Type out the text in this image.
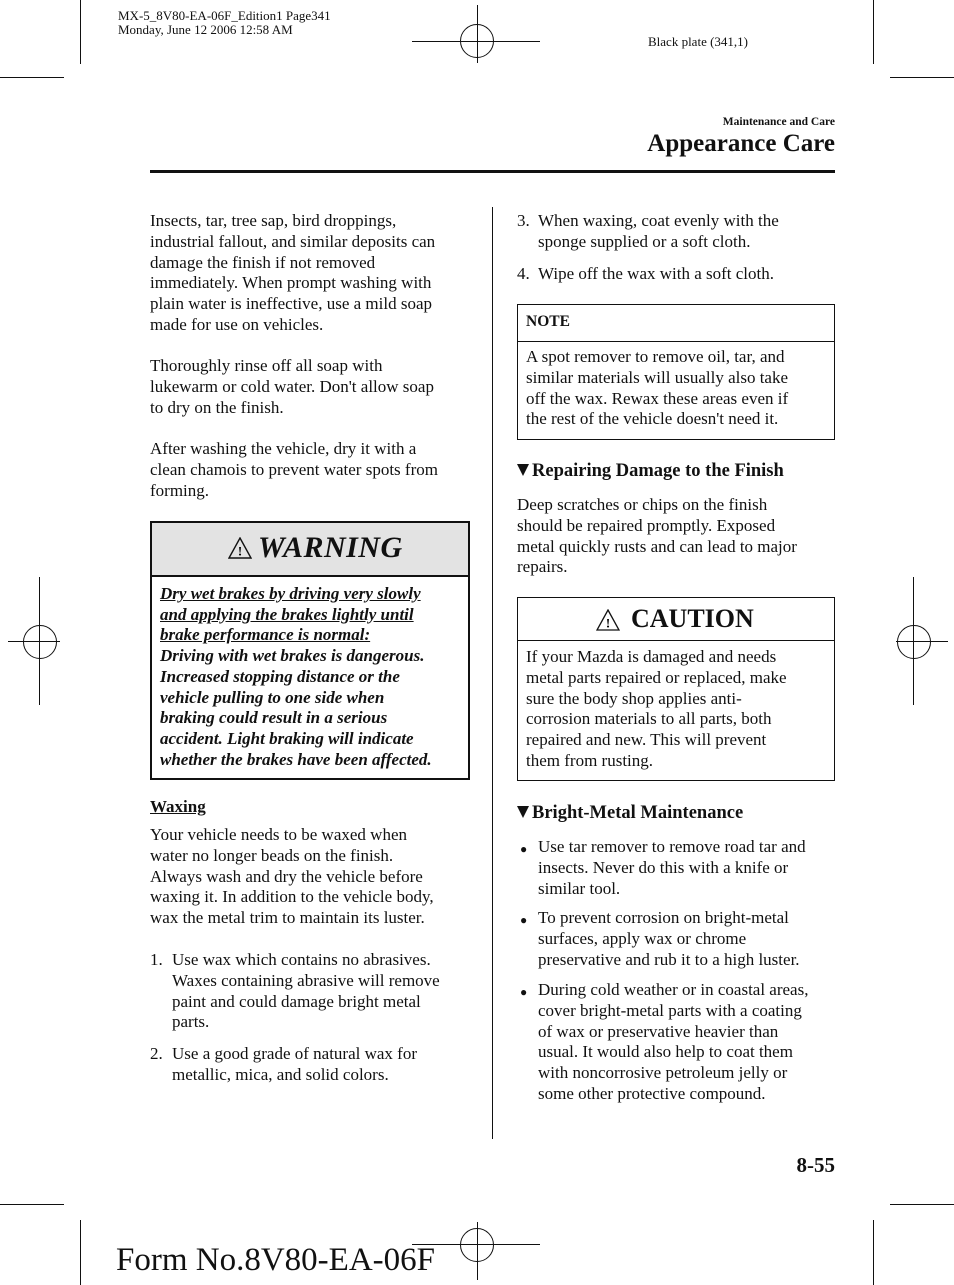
MX-5_8V80-EA-06F_Edition1 Page341
Monday, June 12 2006 12:58 AM
Black plate (341,1)
Maintenance and Care
Appearance Care
Insects, tar, tree sap, bird droppings,
industrial fallout, and similar deposits can
damage the finish if not removed
immediately. When prompt washing with
plain water is ineffective, use a mild soap
made for use on vehicles.
Thoroughly rinse off all soap with
lukewarm or cold water. Don't allow soap
to dry on the finish.
After washing the vehicle, dry it with a
clean chamois to prevent water spots from
forming.
! WARNING
Dry wet brakes by driving very slowly
and applying the brakes lightly until
brake performance is normal:
Driving with wet brakes is dangerous.
Increased stopping distance or the
vehicle pulling to one side when
braking could result in a serious
accident. Light braking will indicate
whether the brakes have been affected.
Waxing
Your vehicle needs to be waxed when
water no longer beads on the finish.
Always wash and dry the vehicle before
waxing it. In addition to the vehicle body,
wax the metal trim to maintain its luster.
1. Use wax which contains no abrasives.
Waxes containing abrasive will remove
paint and could damage bright metal
parts.
2. Use a good grade of natural wax for
metallic, mica, and solid colors.
3. When waxing, coat evenly with the
sponge supplied or a soft cloth.
4. Wipe off the wax with a soft cloth.
NOTE
A spot remover to remove oil, tar, and
similar materials will usually also take
off the wax. Rewax these areas even if
the rest of the vehicle doesn't need it.
Repairing Damage to the Finish
Deep scratches or chips on the finish
should be repaired promptly. Exposed
metal quickly rusts and can lead to major
repairs.
! CAUTION
If your Mazda is damaged and needs
metal parts repaired or replaced, make
sure the body shop applies anti-
corrosion materials to all parts, both
repaired and new. This will prevent
them from rusting.
Bright-Metal Maintenance
● Use tar remover to remove road tar and
insects. Never do this with a knife or
similar tool.
● To prevent corrosion on bright-metal
surfaces, apply wax or chrome
preservative and rub it to a high luster.
● During cold weather or in coastal areas,
cover bright-metal parts with a coating
of wax or preservative heavier than
usual. It would also help to coat them
with noncorrosive petroleum jelly or
some other protective compound.
8-55
Form No.8V80-EA-06F
